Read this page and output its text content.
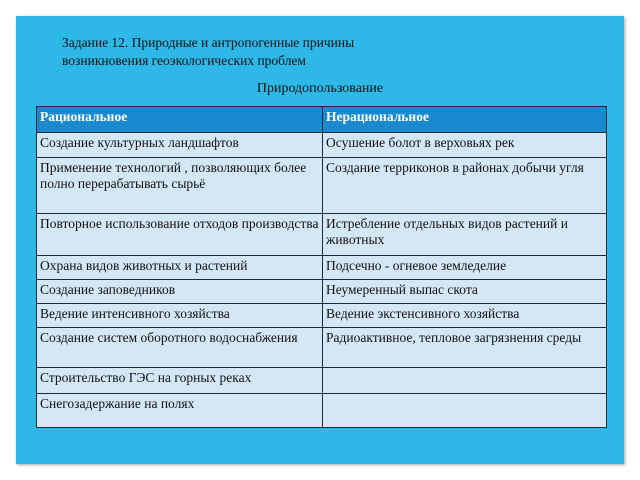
Задание 12. Природные и антропогенные причины
возникновения геоэкологических проблем
Природопользование
Рациональное	Нерациональное
Создание культурных ландшафтов	Осушение болот в верховьях рек
Применение технологий , позволяющих более полно перерабатывать сырьё	Создание терриконов в районах добычи угля
Повторное использование отходов производства	Истребление отдельных видов растений и животных
Охрана видов животных и растений	Подсечно - огневое земледелие
Создание заповедников	Неумеренный выпас скота
Ведение интенсивного хозяйства	Ведение экстенсивного хозяйства
Создание систем оборотного водоснабжения	Радиоактивное, тепловое загрязнения среды
Строительство ГЭС на горных реках	
Снегозадержание на полях	
